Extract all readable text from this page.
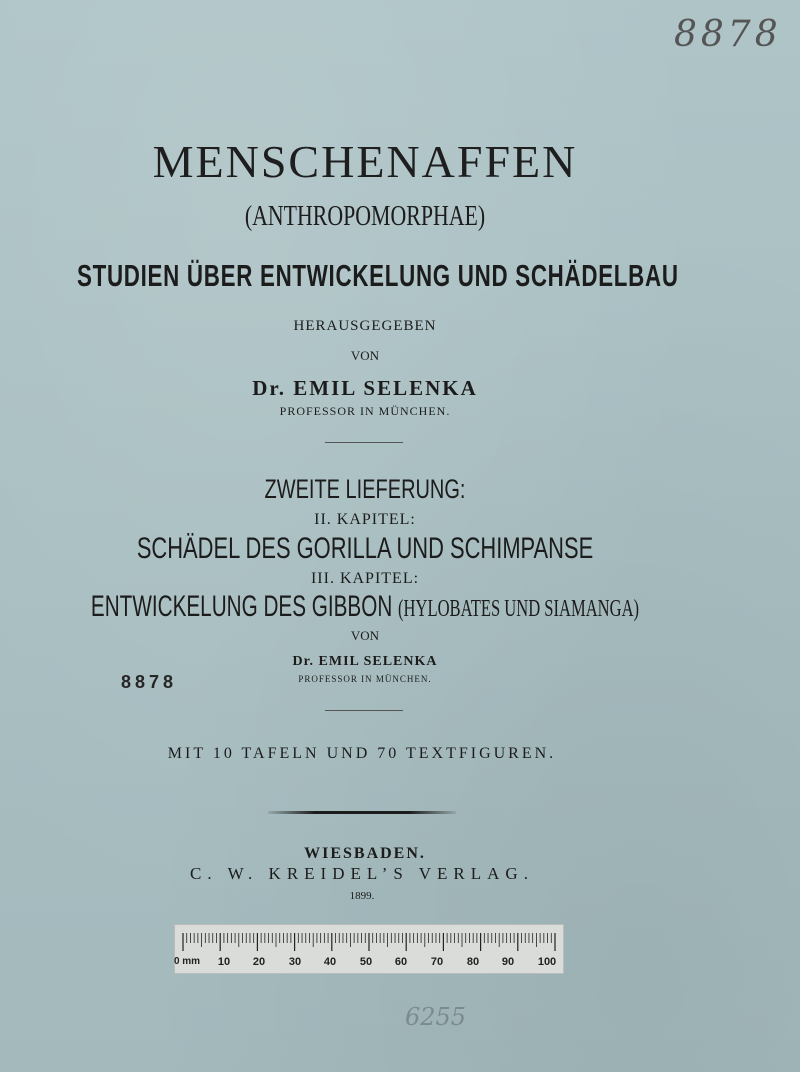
MENSCHENAFFEN
(ANTHROPOMORPHAE)
STUDIEN ÜBER ENTWICKELUNG UND SCHÄDELBAU
HERAUSGEGEBEN
VON
Dr. EMIL SELENKA
PROFESSOR IN MÜNCHEN.
ZWEITE LIEFERUNG:
II. KAPITEL:
SCHÄDEL DES GORILLA UND SCHIMPANSE
III. KAPITEL:
ENTWICKELUNG DES GIBBON (HYLOBATES UND SIAMANGA)
VON
Dr. EMIL SELENKA
PROFESSOR IN MÜNCHEN.
8878
MIT 10 TAFELN UND 70 TEXTFIGUREN.
WIESBADEN.
C. W. KREIDEL’S VERLAG.
1899.
8878
6255
0 mm 10 20 30 40 50 60 70 80 90 100
